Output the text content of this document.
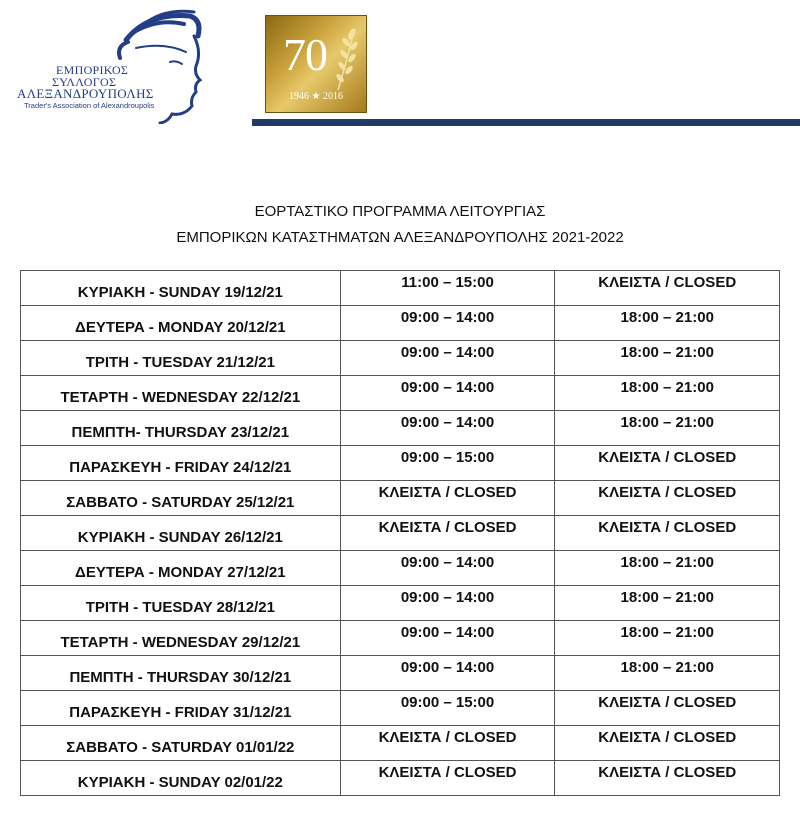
ΕΜΠΟΡΙΚΟΣ
ΣΥΛΛΟΓΟΣ
ΑΛΕΞΑΝΔΡΟΥΠΟΛΗΣ
Trader's Association of Alexandroupolis
70
1946 ★ 2016
ΕΟΡΤΑΣΤΙΚΟ ΠΡΟΓΡΑΜΜΑ ΛΕΙΤΟΥΡΓΙΑΣ
ΕΜΠΟΡΙΚΩΝ ΚΑΤΑΣΤΗΜΑΤΩΝ ΑΛΕΞΑΝΔΡΟΥΠΟΛΗΣ 2021-2022
ΚΥΡΙΑΚΗ - SUNDAY 19/12/21	11:00 – 15:00	ΚΛΕΙΣΤΑ / CLOSED

ΔΕΥΤΕΡΑ - MONDAY 20/12/21	09:00 – 14:00	18:00 – 21:00

ΤΡΙΤΗ - TUESDAY 21/12/21	09:00 – 14:00	18:00 – 21:00

ΤΕΤΑΡΤΗ - WEDNESDAY 22/12/21	09:00 – 14:00	18:00 – 21:00

ΠΕΜΠΤΗ- THURSDAY 23/12/21	09:00 – 14:00	18:00 – 21:00

ΠΑΡΑΣΚΕΥΗ - FRIDAY 24/12/21	09:00 – 15:00	ΚΛΕΙΣΤΑ / CLOSED

ΣΑΒΒΑΤΟ - SATURDAY 25/12/21	ΚΛΕΙΣΤΑ / CLOSED	ΚΛΕΙΣΤΑ / CLOSED

ΚΥΡΙΑΚΗ - SUNDAY 26/12/21	ΚΛΕΙΣΤΑ / CLOSED	ΚΛΕΙΣΤΑ / CLOSED

ΔΕΥΤΕΡΑ - MONDAY 27/12/21	09:00 – 14:00	18:00 – 21:00

ΤΡΙΤΗ - TUESDAY 28/12/21	09:00 – 14:00	18:00 – 21:00

ΤΕΤΑΡΤΗ - WEDNESDAY 29/12/21	09:00 – 14:00	18:00 – 21:00

ΠΕΜΠΤΗ - THURSDAY 30/12/21	09:00 – 14:00	18:00 – 21:00

ΠΑΡΑΣΚΕΥΗ - FRIDAY 31/12/21	09:00 – 15:00	ΚΛΕΙΣΤΑ / CLOSED

ΣΑΒΒΑΤΟ - SATURDAY 01/01/22	ΚΛΕΙΣΤΑ / CLOSED	ΚΛΕΙΣΤΑ / CLOSED

ΚΥΡΙΑΚΗ - SUNDAY 02/01/22	ΚΛΕΙΣΤΑ / CLOSED	ΚΛΕΙΣΤΑ / CLOSED
